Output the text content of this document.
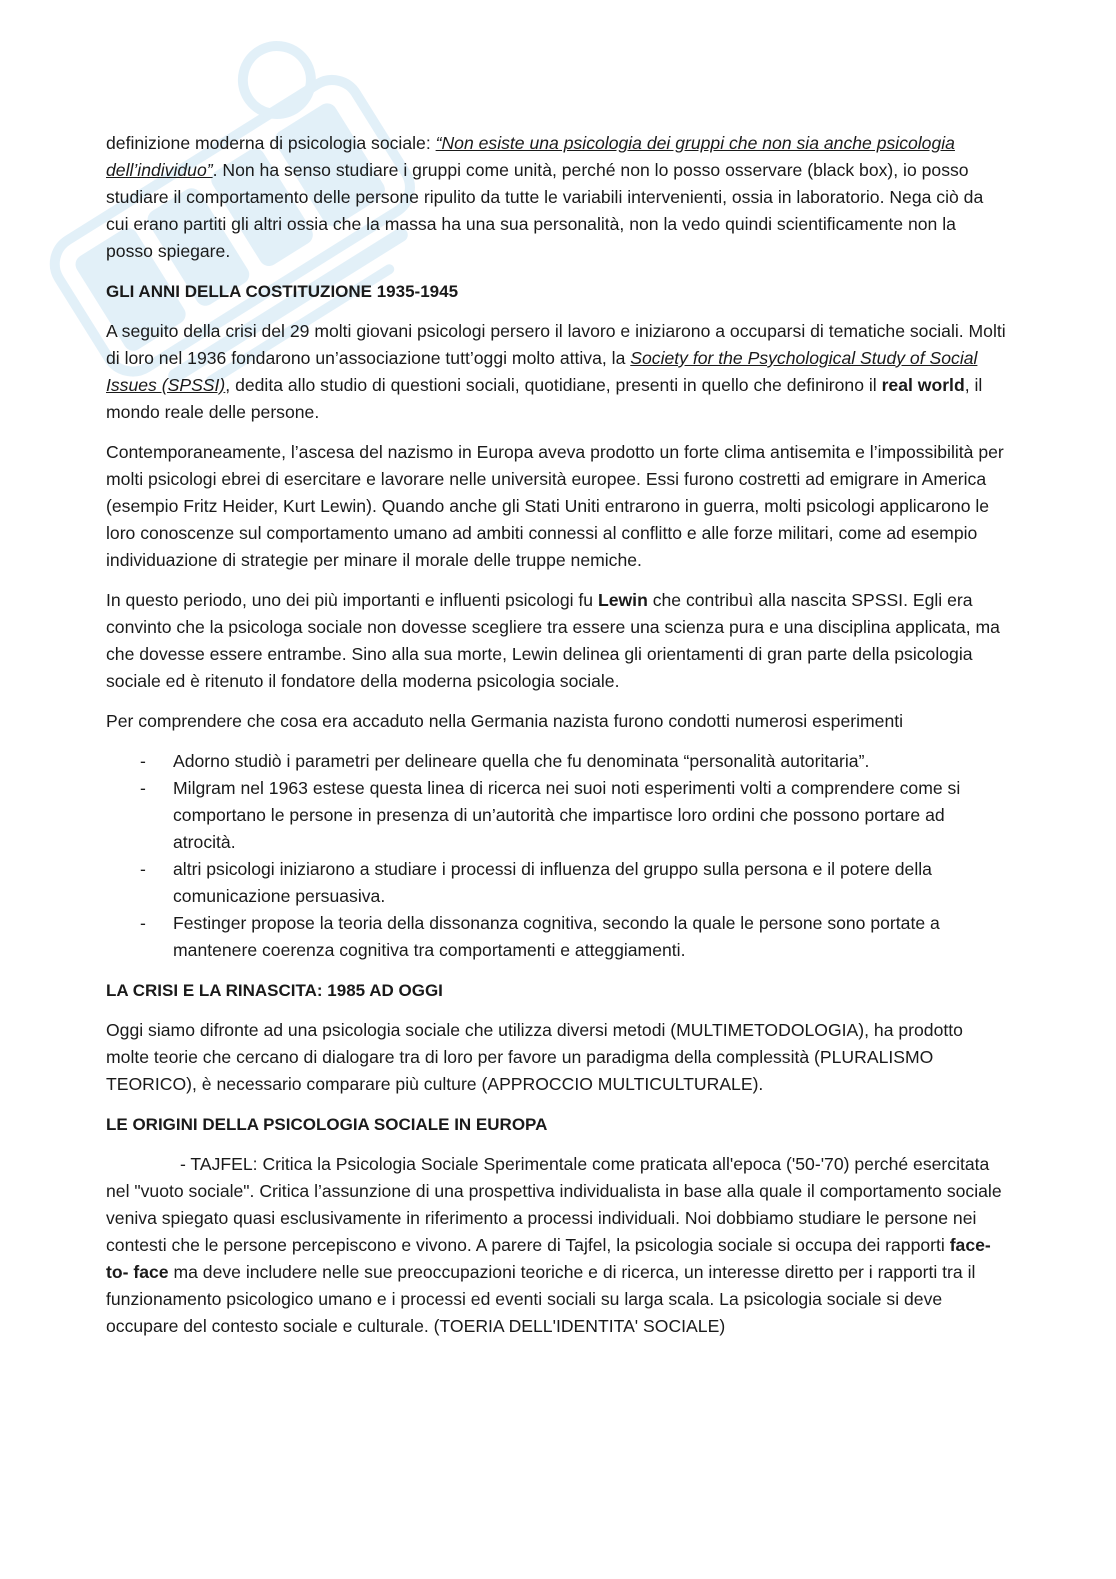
definizione moderna di psicologia sociale: “Non esiste una psicologia dei gruppi che non sia anche psicologia dell’individuo”. Non ha senso studiare i gruppi come unità, perché non lo posso osservare (black box), io posso studiare il comportamento delle persone ripulito da tutte le variabili intervenienti, ossia in laboratorio. Nega ciò da cui erano partiti gli altri ossia che la massa ha una sua personalità, non la vedo quindi scientificamente non la posso spiegare.

GLI ANNI DELLA COSTITUZIONE 1935-1945

A seguito della crisi del 29 molti giovani psicologi persero il lavoro e iniziarono a occuparsi di tematiche sociali. Molti di loro nel 1936 fondarono un’associazione tutt’oggi molto attiva, la Society for the Psychological Study of Social Issues (SPSSI), dedita allo studio di questioni sociali, quotidiane, presenti in quello che definirono il real world, il mondo reale delle persone.

Contemporaneamente, l’ascesa del nazismo in Europa aveva prodotto un forte clima antisemita e l’impossibilità per molti psicologi ebrei di esercitare e lavorare nelle università europee. Essi furono costretti ad emigrare in America (esempio Fritz Heider, Kurt Lewin). Quando anche gli Stati Uniti entrarono in guerra, molti psicologi applicarono le loro conoscenze sul comportamento umano ad ambiti connessi al conflitto e alle forze militari, come ad esempio individuazione di strategie per minare il morale delle truppe nemiche.

In questo periodo, uno dei più importanti e influenti psicologi fu Lewin che contribuì alla nascita SPSSI. Egli era convinto che la psicologa sociale non dovesse scegliere tra essere una scienza pura e una disciplina applicata, ma che dovesse essere entrambe. Sino alla sua morte, Lewin delinea gli orientamenti di gran parte della psicologia sociale ed è ritenuto il fondatore della moderna psicologia sociale.

Per comprendere che cosa era accaduto nella Germania nazista furono condotti numerosi esperimenti

- Adorno studiò i parametri per delineare quella che fu denominata “personalità autoritaria”.
- Milgram nel 1963 estese questa linea di ricerca nei suoi noti esperimenti volti a comprendere come si comportano le persone in presenza di un’autorità che impartisce loro ordini che possono portare ad atrocità.
- altri psicologi iniziarono a studiare i processi di influenza del gruppo sulla persona e il potere della comunicazione persuasiva.
- Festinger propose la teoria della dissonanza cognitiva, secondo la quale le persone sono portate a mantenere coerenza cognitiva tra comportamenti e atteggiamenti.
LA CRISI E LA RINASCITA: 1985 AD OGGI

Oggi siamo difronte ad una psicologia sociale che utilizza diversi metodi (MULTIMETODOLOGIA), ha prodotto molte teorie che cercano di dialogare tra di loro per favore un paradigma della complessità (PLURALISMO TEORICO), è necessario comparare più culture (APPROCCIO MULTICULTURALE).

LE ORIGINI DELLA PSICOLOGIA SOCIALE IN EUROPA

- TAJFEL: Critica la Psicologia Sociale Sperimentale come praticata all'epoca ('50-'70) perché esercitata nel "vuoto sociale". Critica l’assunzione di una prospettiva individualista in base alla quale il comportamento sociale veniva spiegato quasi esclusivamente in riferimento a processi individuali. Noi dobbiamo studiare le persone nei contesti che le persone percepiscono e vivono. A parere di Tajfel, la psicologia sociale si occupa dei rapporti face-to- face ma deve includere nelle sue preoccupazioni teoriche e di ricerca, un interesse diretto per i rapporti tra il funzionamento psicologico umano e i processi ed eventi sociali su larga scala. La psicologia sociale si deve occupare del contesto sociale e culturale. (TOERIA DELL'IDENTITA' SOCIALE)
